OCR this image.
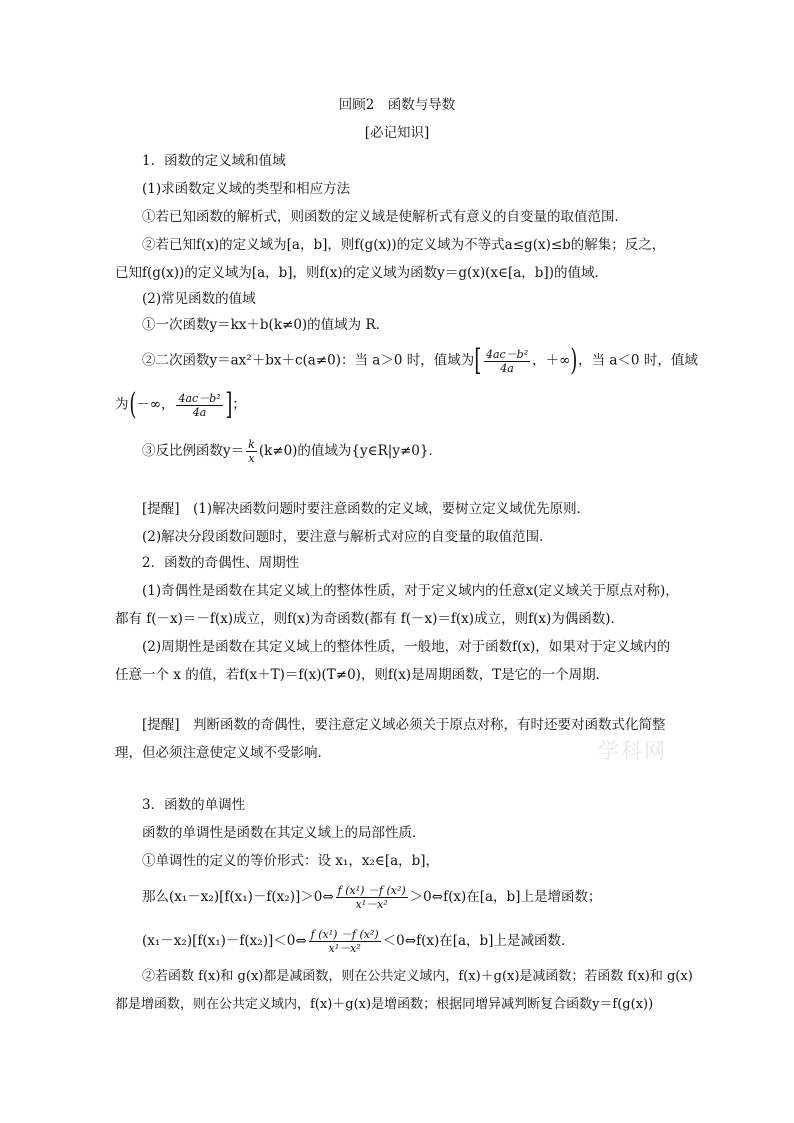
回顾2　函数与导数
[必记知识]
1．函数的定义域和值域
(1)求函数定义域的类型和相应方法
①若已知函数的解析式，则函数的定义域是使解析式有意义的自变量的取值范围．
②若已知f(x)的定义域为[a，b]，则f(g(x))的定义域为不等式a≤g(x)≤b的解集；反之，
已知f(g(x))的定义域为[a，b]，则f(x)的定义域为函数y＝g(x)(x∈[a，b])的值域．
(2)常见函数的值域
①一次函数y＝kx＋b(k≠0)的值域为 R．
②二次函数y＝ax²＋bx＋c(a≠0)：当 a＞0 时，值域为[ $\frac{\text{4ac－b²}}{4a}$ ，＋∞)，当 a＜0 时，值域
为(－∞， $\frac{\text{4ac－b²}}{4a}$ ]；
③反比例函数$y= \frac{k}{x} (k\ne 0)$的值域为{y∈R|y≠0}．
[提醒]　(1)解决函数问题时要注意函数的定义域，要树立定义域优先原则．
(2)解决分段函数问题时，要注意与解析式对应的自变量的取值范围．
2．函数的奇偶性、周期性
(1)奇偶性是函数在其定义域上的整体性质，对于定义域内的任意x(定义域关于原点对称)，
都有 f(－x)＝－f(x)成立，则f(x)为奇函数(都有 f(－x)＝f(x)成立，则f(x)为偶函数)．
(2)周期性是函数在其定义域上的整体性质，一般地，对于函数f(x)，如果对于定义域内的
任意一个 x 的值，若f(x＋T)＝f(x)(T≠0)，则f(x)是周期函数，T是它的一个周期．
[提醒]　判断函数的奇偶性，要注意定义域必须关于原点对称，有时还要对函数式化简整
理，但必须注意使定义域不受影响．	学科网
3．函数的单调性
函数的单调性是函数在其定义域上的局部性质．
①单调性的定义的等价形式：设 x₁，x₂∈[a，b]，
那么(x₁－x₂)[f(x₁)－f(x₂)]＞0⇔ $\frac{\text{f (x¹) －f (x²)}}{\text{x¹－x²}}$ ＞0⇔f(x)在[a，b]上是增函数；
(x₁－x₂)[f(x₁)－f(x₂)]＜0⇔ $\frac{\text{f (x¹) －f (x²)}}{\text{x¹－x²}}$ ＜0⇔f(x)在[a，b]上是减函数．
②若函数 f(x)和 g(x)都是减函数，则在公共定义域内，f(x)＋g(x)是减函数；若函数 f(x)和 g(x)
都是增函数，则在公共定义域内，f(x)＋g(x)是增函数；根据同增异减判断复合函数y＝f(g(x))
